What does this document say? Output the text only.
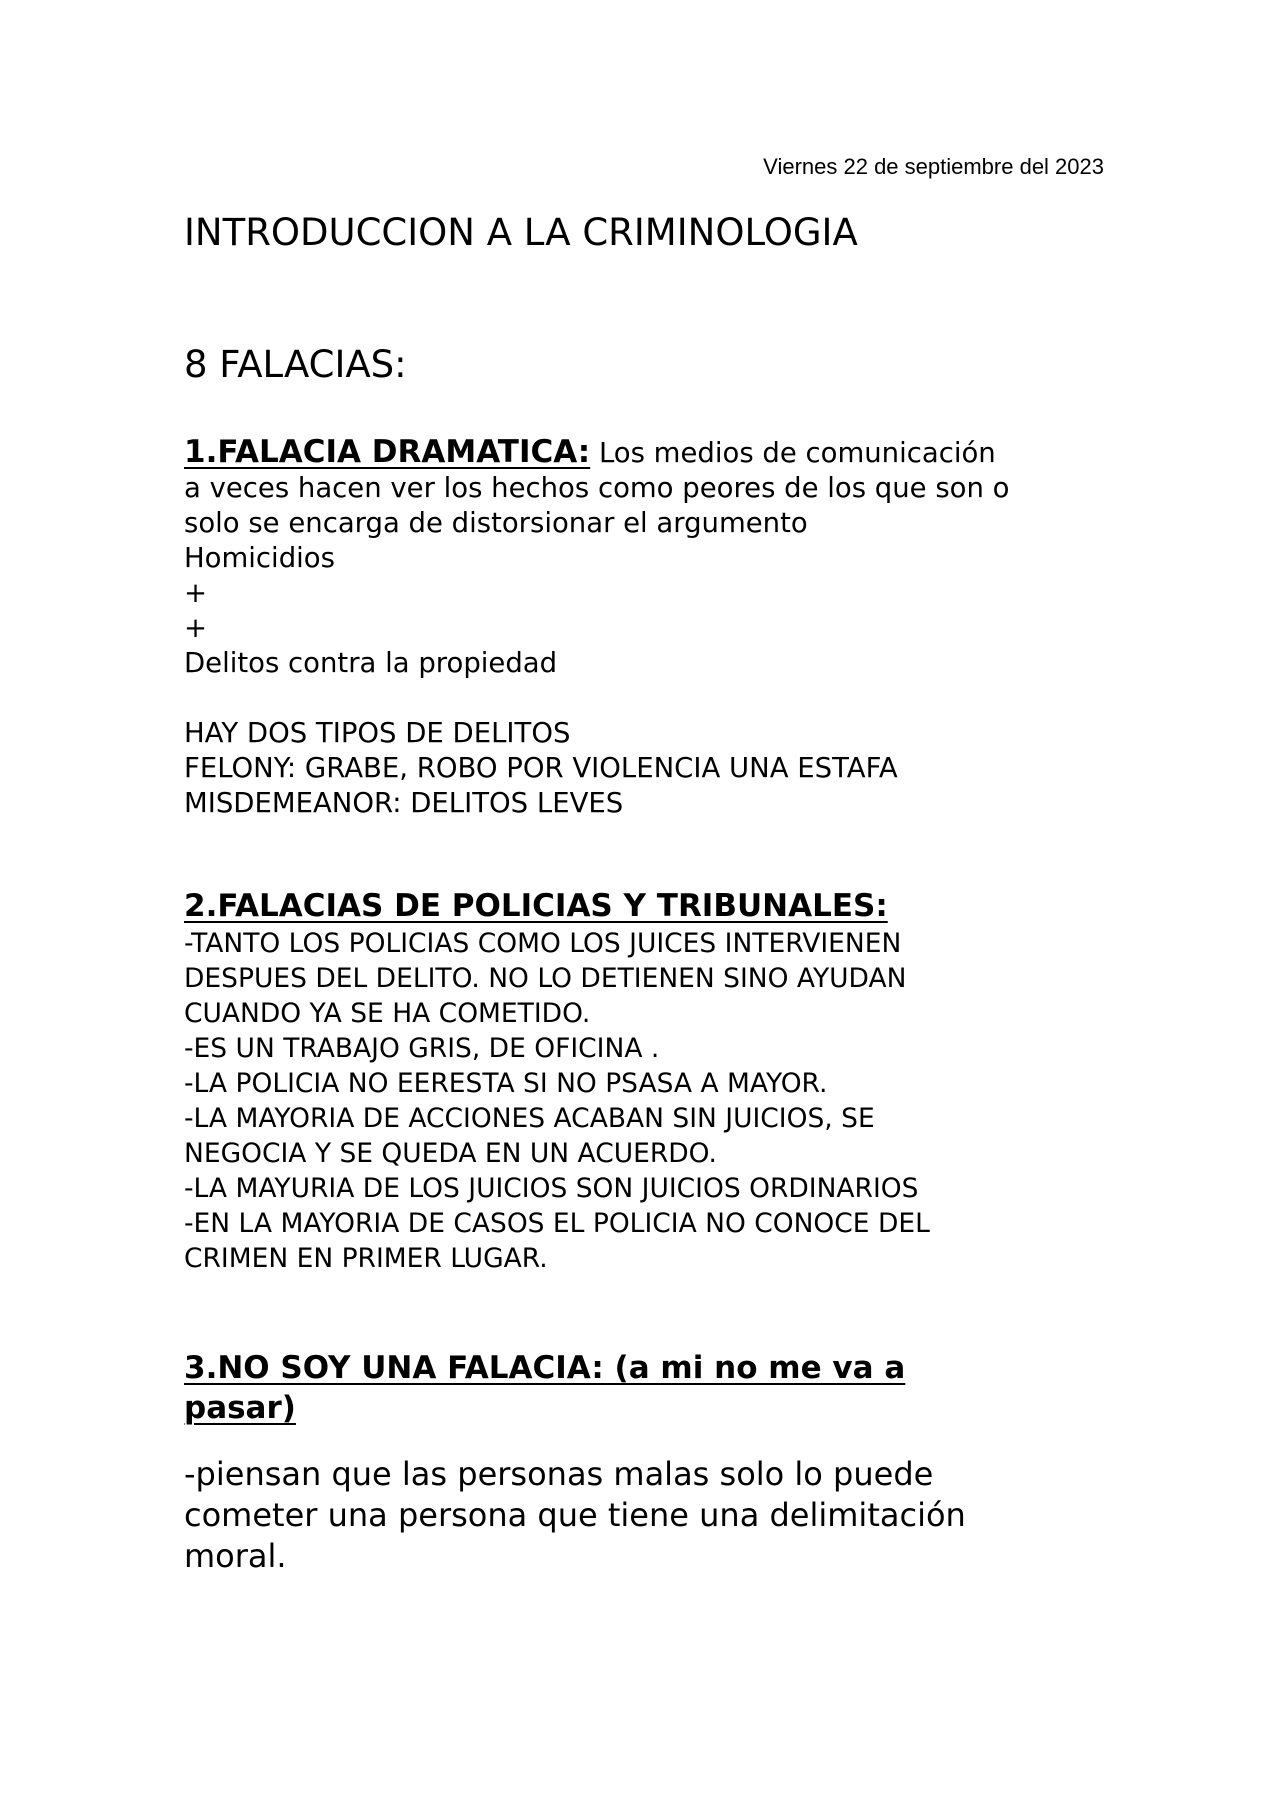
Viernes 22 de septiembre del 2023
INTRODUCCION A LA CRIMINOLOGIA
8 FALACIAS:

1.FALACIA DRAMATICA: Los medios de comunicación

a veces hacen ver los hechos como peores de los que son o
solo se encarga de distorsionar el argumento
Homicidios
+
+
Delitos contra la propiedad
HAY DOS TIPOS DE DELITOS
FELONY: GRABE, ROBO POR VIOLENCIA UNA ESTAFA
MISDEMEANOR: DELITOS LEVES

2.FALACIAS DE POLICIAS Y TRIBUNALES:

-TANTO LOS POLICIAS COMO LOS JUICES INTERVIENEN
DESPUES DEL DELITO. NO LO DETIENEN SINO AYUDAN
CUANDO YA SE HA COMETIDO.
-ES UN TRABAJO GRIS, DE OFICINA .
-LA POLICIA NO EERESTA SI NO PSASA A MAYOR.
-LA MAYORIA DE ACCIONES ACABAN SIN JUICIOS, SE
NEGOCIA Y SE QUEDA EN UN ACUERDO.
-LA MAYURIA DE LOS JUICIOS SON JUICIOS ORDINARIOS
-EN LA MAYORIA DE CASOS EL POLICIA NO CONOCE DEL
CRIMEN EN PRIMER LUGAR.
3.NO SOY UNA FALACIA: (a mi no me va a
pasar)
-piensan que las personas malas solo lo puede
cometer una persona que tiene una delimitación
moral.
